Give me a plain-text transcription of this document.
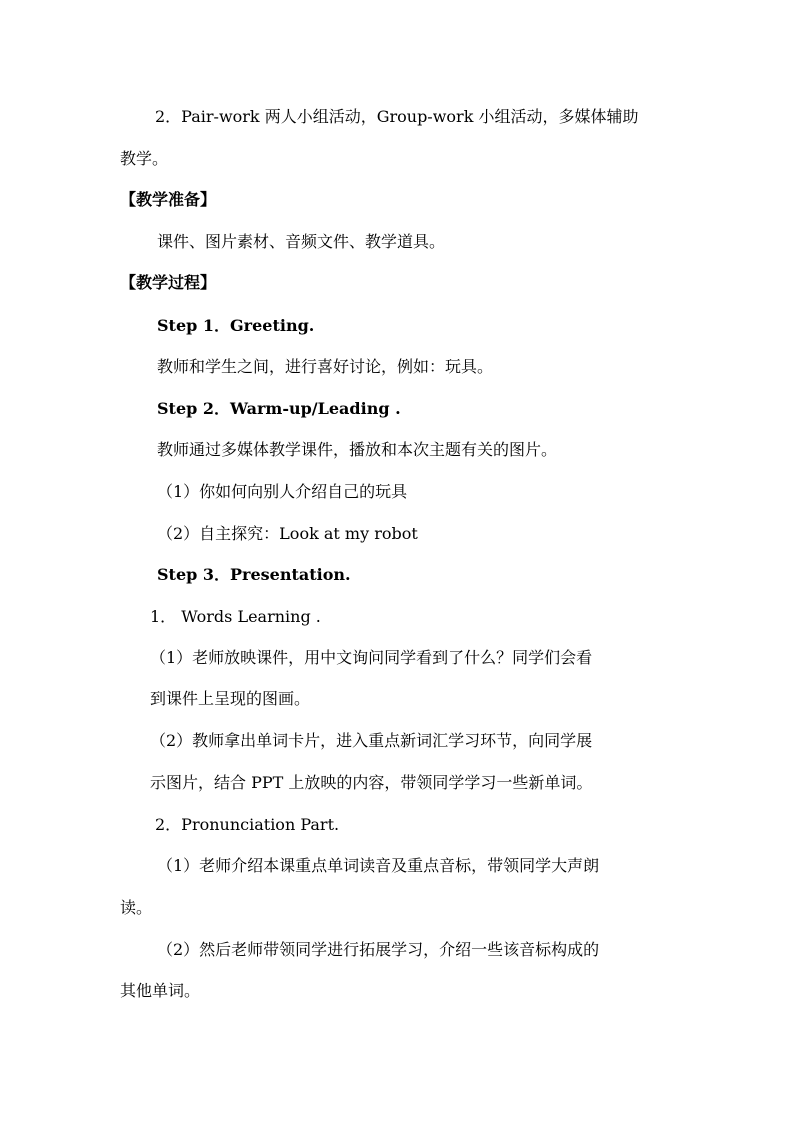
2．Pair-work 两人小组活动，Group-work 小组活动，多媒体辅助
教学。
【教学准备】
课件、图片素材、音频文件、教学道具。
【教学过程】
Step 1．Greeting.
教师和学生之间，进行喜好讨论，例如：玩具。
Step 2．Warm-up/Leading .
教师通过多媒体教学课件，播放和本次主题有关的图片。
（1）你如何向别人介绍自己的玩具
（2）自主探究：Look at my robot
Step 3．Presentation.
1． Words Learning .
（1）老师放映课件，用中文询问同学看到了什么？同学们会看
到课件上呈现的图画。
（2）教师拿出单词卡片，进入重点新词汇学习环节，向同学展
示图片，结合 PPT 上放映的内容，带领同学学习一些新单词。
2．Pronunciation Part.
（1）老师介绍本课重点单词读音及重点音标，带领同学大声朗
读。
（2）然后老师带领同学进行拓展学习，介绍一些该音标构成的
其他单词。
